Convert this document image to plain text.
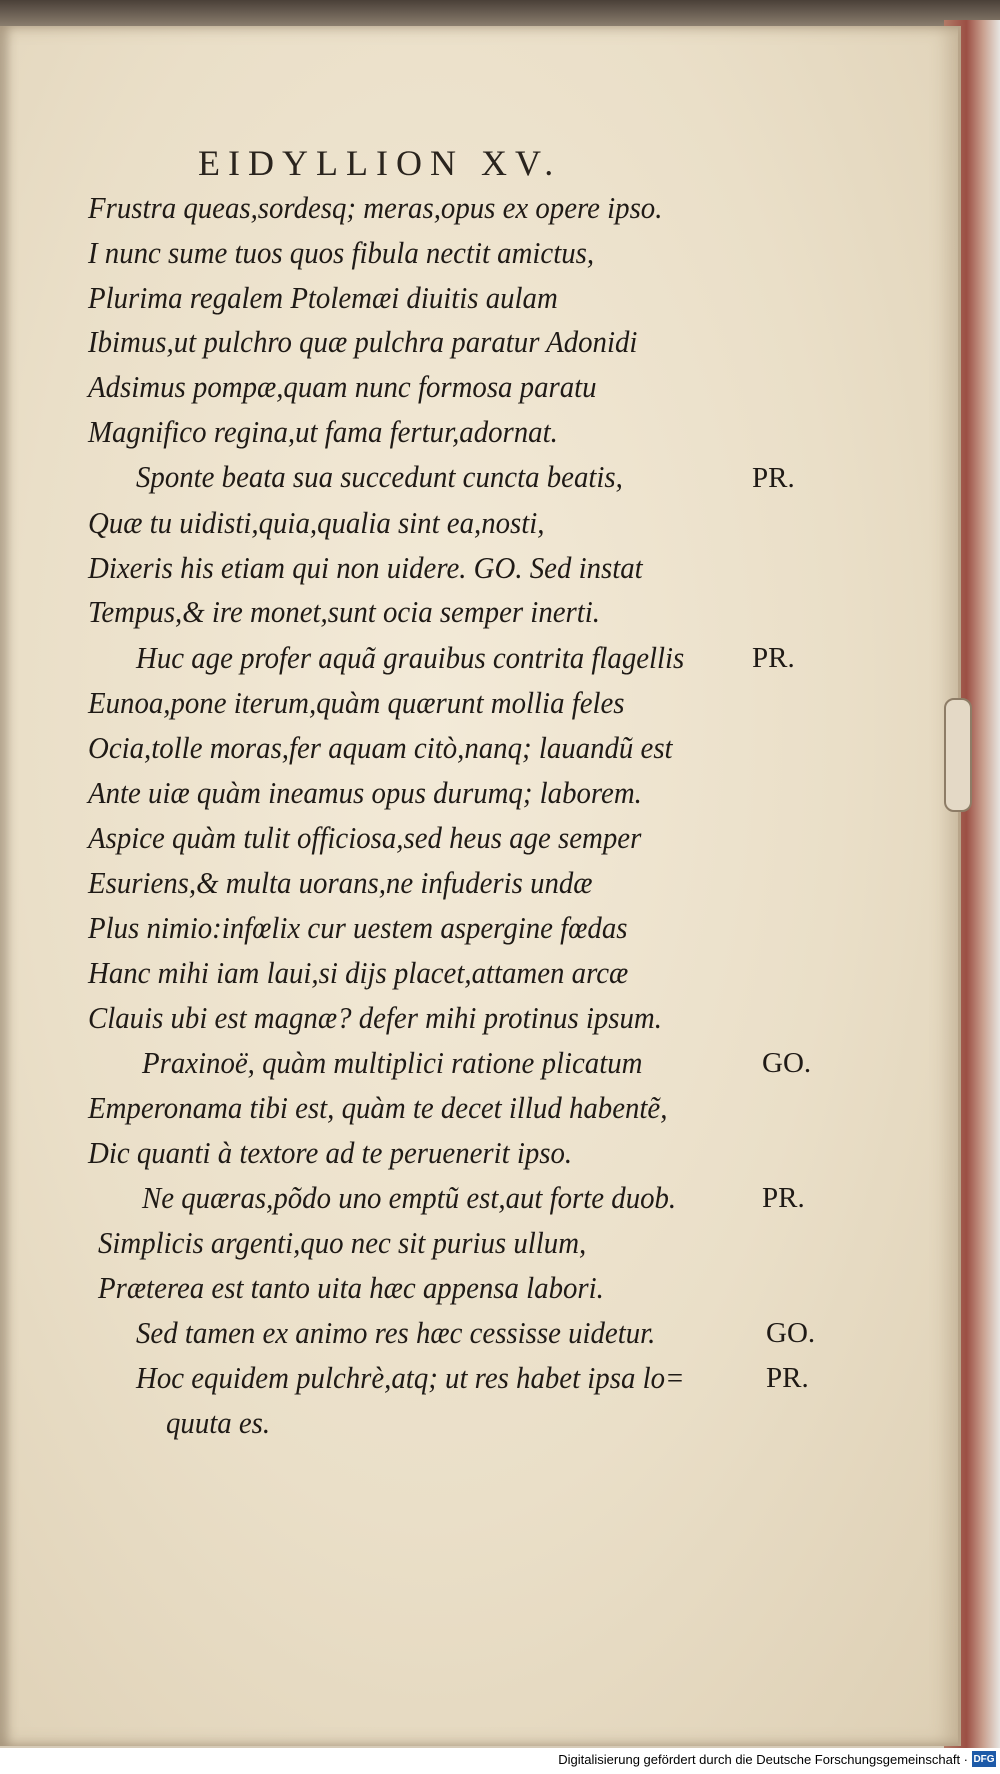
EIDYLLION XV.
Frustra queas,sordesq; meras,opus ex opere ipso.
I nunc sume tuos quos fibula nectit amictus,
Plurima regalem Ptolemæi diuitis aulam
Ibimus,ut pulchro quæ pulchra paratur Adonidi
Adsimus pompæ,quam nunc formosa paratu
Magnifico regina,ut fama fertur,adornat.
Sponte beata sua succedunt cuncta beatis,
Quæ tu uidisti,quia,qualia sint ea,nosti,
Dixeris his etiam qui non uidere. GO. Sed instat
Tempus,& ire monet,sunt ocia semper inerti.
Huc age profer aquã grauibus contrita flagellis
Eunoa,pone iterum,quàm quærunt mollia feles
Ocia,tolle moras,fer aquam citò,nanq; lauandũ est
Ante uiæ quàm ineamus opus durumq; laborem.
Aspice quàm tulit officiosa,sed heus age semper
Esuriens,& multa uorans,ne infuderis undæ
Plus nimio:infœlix cur uestem aspergine fœdas
Hanc mihi iam laui,si dijs placet,attamen arcæ
Clauis ubi est magnæ? defer mihi protinus ipsum.
Praxinoë, quàm multiplici ratione plicatum
Emperonama tibi est, quàm te decet illud habentẽ,
Dic quanti à textore ad te peruenerit ipso.
Ne quæras,põdo uno emptũ est,aut forte duob.
Simplicis argenti,quo nec sit purius ullum,
Præterea est tanto uita hæc appensa labori.
Sed tamen ex animo res hæc cessisse uidetur.
Hoc equidem pulchrè,atq; ut res habet ipsa lo=
quuta es.
PR.
PR.
GO.
PR.
GO.
PR.
Digitalisierung gefördert durch die Deutsche Forschungsgemeinschaft · DFG
